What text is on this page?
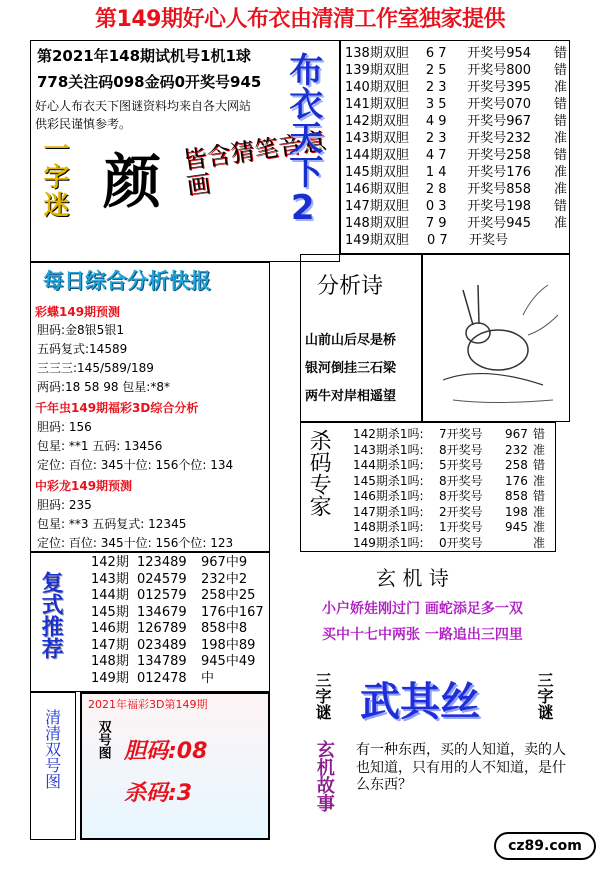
第149期好心人布衣由清清工作室独家提供
第2021年148期试机号1机1球
778关注码098金码0开奖号945
好心人布衣天下图谜资料均来自各大网站
供彩民谨慎参考。
一字迷 颜 皆含猜笔音意画	布衣天下2 138期双胆	6 7	开奖号954	错
139期双胆	2 5	开奖号800	错
140期双胆	2 3	开奖号395	准
141期双胆	3 5	开奖号070	错
142期双胆	4 9	开奖号967	错
143期双胆	2 3	开奖号232	准
144期双胆	4 7	开奖号258	错
145期双胆	1 4	开奖号176	准
146期双胆	2 8	开奖号858	准
147期双胆	0 3	开奖号198	错
148期双胆	7 9	开奖号945	准
149期双胆	0 7	开奖号
每日综合分析快报
彩蝶149期预测
胆码:金8银5银1
五码复式:14589
三三三:145/589/189
两码:18 58 98 包星:*8*
千年虫149期福彩3D综合分析
胆码: 156
包星: **1 五码: 13456
定位: 百位: 345十位: 156个位: 134
中彩龙149期预测
胆码: 235
包星: **3 五码复式: 12345
定位: 百位: 345十位: 156个位: 123
分析诗
山前山后尽是桥
银河倒挂三石梁
两牛对岸相遥望
杀码专家 142期杀1吗:	7开奖号	967 错
143期杀1吗:	8开奖号	232 准
144期杀1吗:	5开奖号	258 错
145期杀1吗:	8开奖号	176 准
146期杀1吗:	8开奖号	858 错
147期杀1吗:	2开奖号	198 准
148期杀1吗:	1开奖号	945 准
149期杀1吗:	0开奖号	准
复式推荐
142期 123489	967中9
143期 024579	232中2
144期 012579	258中25
145期 134679	176中167
146期 126789	858中8
147期 023489	198中89
148期 134789	945中49
149期 012478	中
玄 机 诗
小户娇娃刚过门 画蛇添足多一双
买中十七中两张 一路追出三四里
清清双号图
2021年福彩3D第149期
双号图 胆码:08
杀码:3
三字谜 武其丝	三字谜
玄机故事 有一种东西，买的人知道，卖的人也知道，只有用的人不知道，是什么东西？
cz89.com
